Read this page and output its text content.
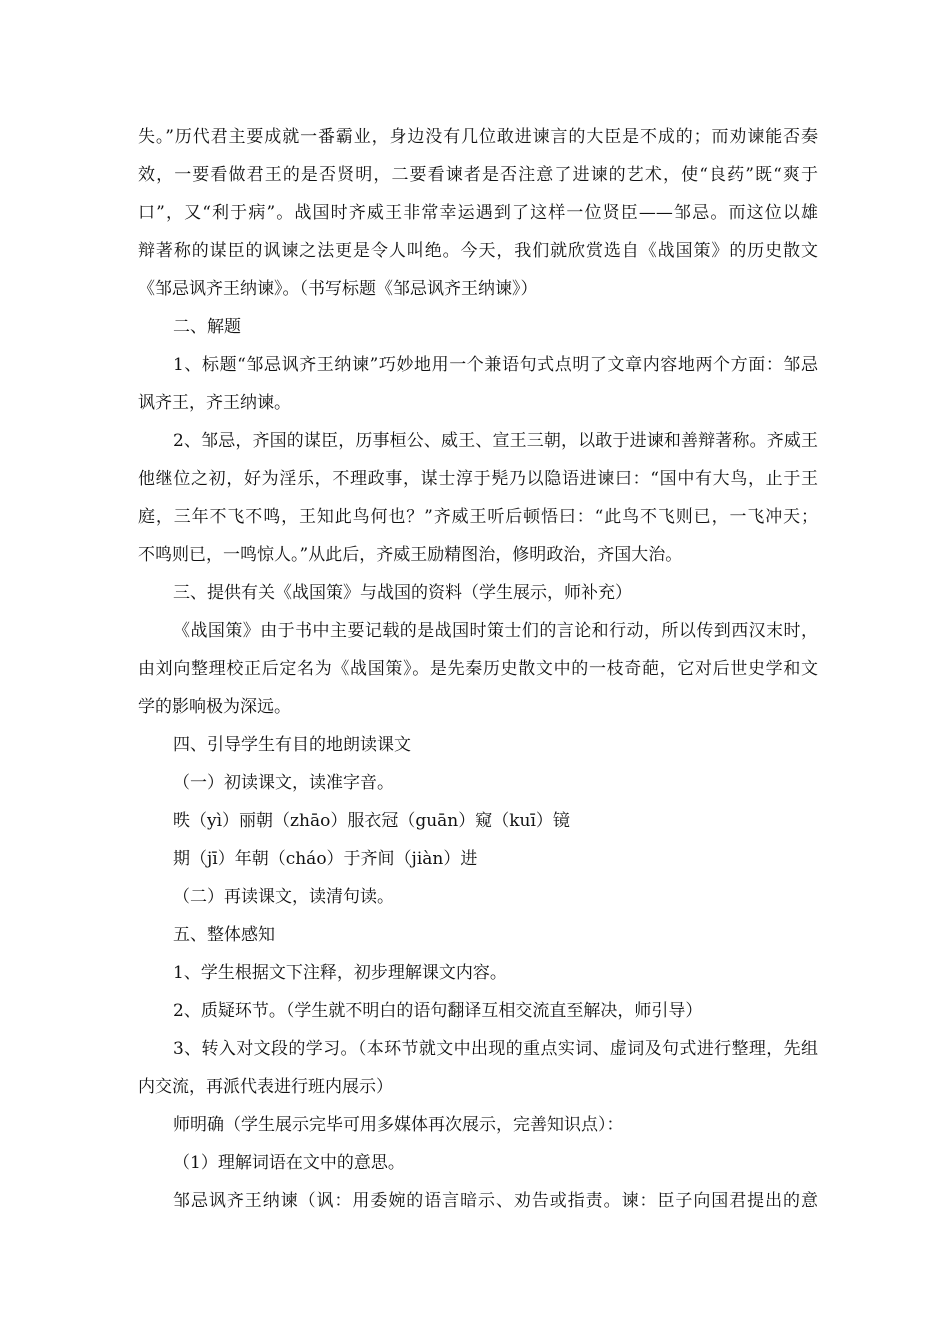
失。”历代君主要成就一番霸业，身边没有几位敢进谏言的大臣是不成的；而劝谏能否奏
效，一要看做君王的是否贤明，二要看谏者是否注意了进谏的艺术，使“良药”既“爽于
口”，又“利于病”。战国时齐威王非常幸运遇到了这样一位贤臣——邹忌。而这位以雄
辩著称的谋臣的讽谏之法更是令人叫绝。今天，我们就欣赏选自《战国策》的历史散文
《邹忌讽齐王纳谏》。（书写标题《邹忌讽齐王纳谏》）
二、解题
1、标题“邹忌讽齐王纳谏”巧妙地用一个兼语句式点明了文章内容地两个方面：邹忌
讽齐王，齐王纳谏。
2、邹忌，齐国的谋臣，历事桓公、威王、宣王三朝，以敢于进谏和善辩著称。齐威王
他继位之初，好为淫乐，不理政事，谋士淳于髡乃以隐语进谏曰：“国中有大鸟，止于王
庭，三年不飞不鸣，王知此鸟何也？”齐威王听后顿悟曰：“此鸟不飞则已，一飞冲天；
不鸣则已，一鸣惊人。”从此后，齐威王励精图治，修明政治，齐国大治。
三、提供有关《战国策》与战国的资料（学生展示，师补充）
《战国策》由于书中主要记载的是战国时策士们的言论和行动，所以传到西汉末时，
由刘向整理校正后定名为《战国策》。是先秦历史散文中的一枝奇葩，它对后世史学和文
学的影响极为深远。
四、引导学生有目的地朗读课文
（一）初读课文，读准字音。
昳（yì）丽朝（zhāo）服衣冠（guān）窥（kuī）镜
期（jī）年朝（cháo）于齐间（jiàn）进
（二）再读课文，读清句读。
五、整体感知
1、学生根据文下注释，初步理解课文内容。
2、质疑环节。（学生就不明白的语句翻译互相交流直至解决，师引导）
3、转入对文段的学习。（本环节就文中出现的重点实词、虚词及句式进行整理，先组
内交流，再派代表进行班内展示）
师明确（学生展示完毕可用多媒体再次展示，完善知识点）：
（1）理解词语在文中的意思。
邹忌讽齐王纳谏（讽：用委婉的语言暗示、劝告或指责。谏：臣子向国君提出的意
